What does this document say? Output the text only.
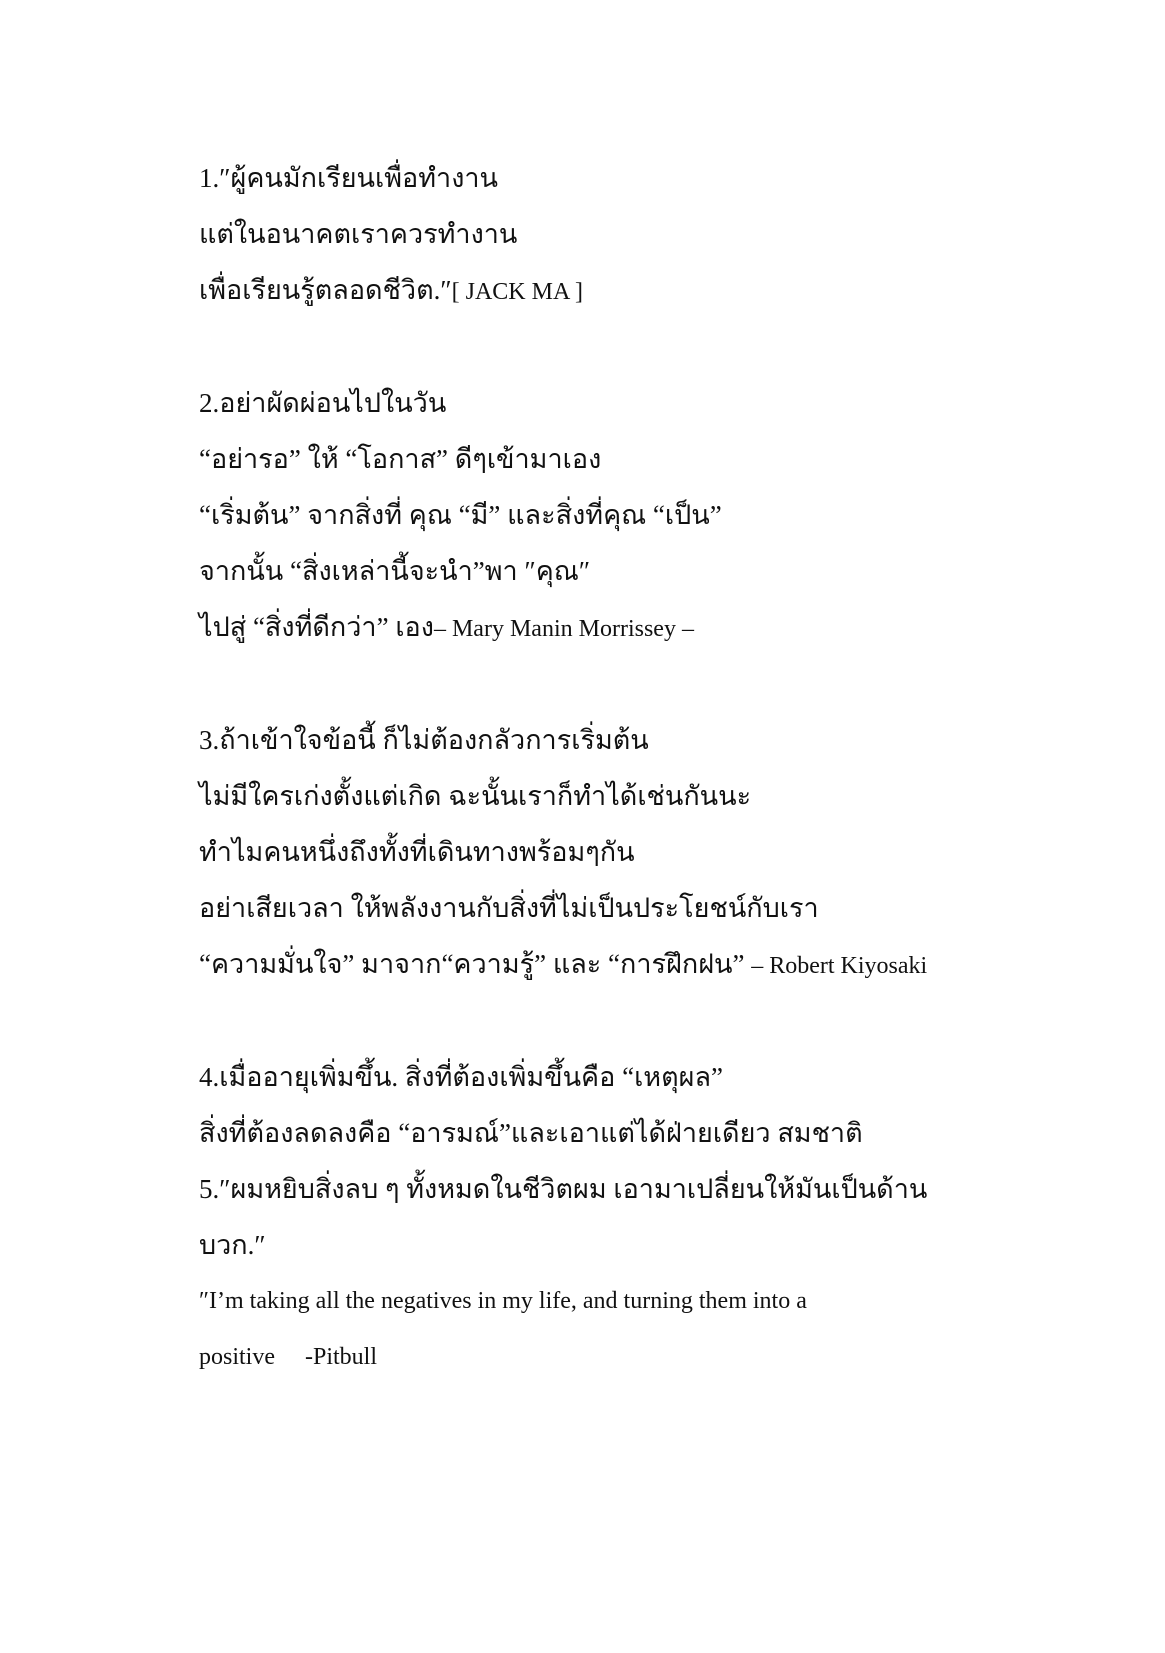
1.″ผู้คนมักเรียนเพื่อทำงาน
แต่ในอนาคตเราควรทำงาน
เพื่อเรียนรู้ตลอดชีวิต.″[ JACK MA ]
2.อย่าผัดผ่อนไปในวัน
“อย่ารอ” ให้ “โอกาส” ดีๆเข้ามาเอง
“เริ่มต้น” จากสิ่งที่ คุณ “มี” และสิ่งที่คุณ “เป็น”
จากนั้น “สิ่งเหล่านี้จะนำ”พา ″คุณ″
ไปสู่ “สิ่งที่ดีกว่า” เอง– Mary Manin Morrissey –
3.ถ้าเข้าใจข้อนี้ ก็ไม่ต้องกลัวการเริ่มต้น
ไม่มีใครเก่งตั้งแต่เกิด ฉะนั้นเราก็ทำได้เช่นกันนะ
ทำไมคนหนึ่งถึงทั้งที่เดินทางพร้อมๆกัน
อย่าเสียเวลา ให้พลังงานกับสิ่งที่ไม่เป็นประโยชน์กับเรา
“ความมั่นใจ” มาจาก“ความรู้” และ “การฝึกฝน” – Robert Kiyosaki
4.เมื่ออายุเพิ่มขึ้น. สิ่งที่ต้องเพิ่มขึ้นคือ “เหตุผล”
สิ่งที่ต้องลดลงคือ “อารมณ์”และเอาแต่ได้ฝ่ายเดียว สมชาติ
5.″ผมหยิบสิ่งลบ ๆ ทั้งหมดในชีวิตผม เอามาเปลี่ยนให้มันเป็นด้าน
บวก.″
″I’m taking all the negatives in my life, and turning them into a
positive     -Pitbull
